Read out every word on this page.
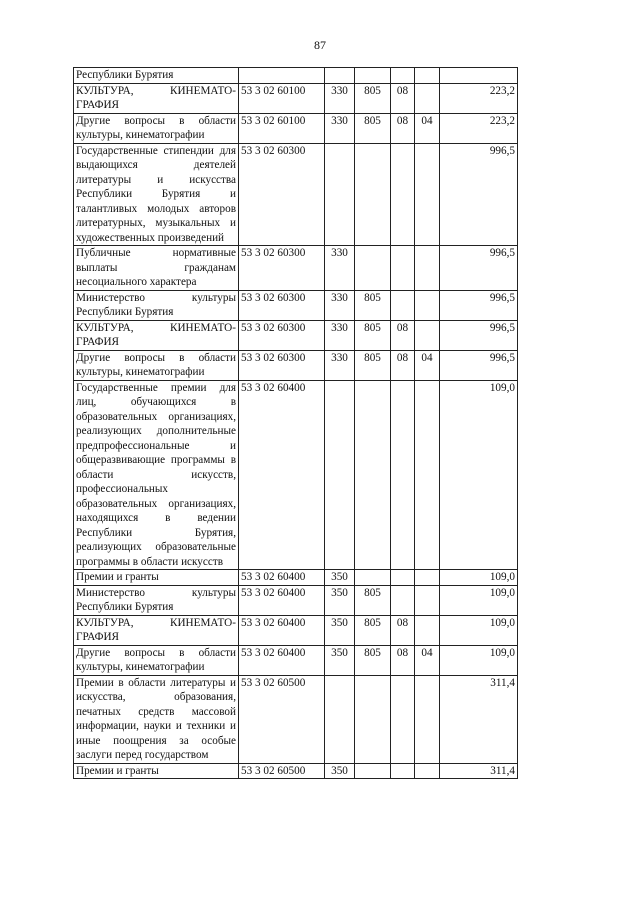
87
Республики Бурятия						
КУЛЬТУРА, КИНЕМАТО-ГРАФИЯ	53 3 02 60100	330	805	08		223,2
Другие вопросы в области культуры, кинематографии	53 3 02 60100	330	805	08	04	223,2
Государственные стипендии для выдающихся деятелей литературы и искусства Республики Бурятия и талантливых молодых авторов литературных, музыкальных и художественных произведений	53 3 02 60300					996,5
Публичные нормативные выплаты гражданам несоциального характера	53 3 02 60300	330				996,5
Министерство культуры Республики Бурятия	53 3 02 60300	330	805			996,5
КУЛЬТУРА, КИНЕМАТО-ГРАФИЯ	53 3 02 60300	330	805	08		996,5
Другие вопросы в области культуры, кинематографии	53 3 02 60300	330	805	08	04	996,5
Государственные премии для лиц, обучающихся в образовательных организациях, реализующих дополнительные предпрофессиональные и общеразвивающие программы в области искусств, профессиональных образовательных организациях, находящихся в ведении Республики Бурятия, реализующих образовательные программы в области искусств	53 3 02 60400					109,0
Премии и гранты	53 3 02 60400	350				109,0
Министерство культуры Республики Бурятия	53 3 02 60400	350	805			109,0
КУЛЬТУРА, КИНЕМАТО-ГРАФИЯ	53 3 02 60400	350	805	08		109,0
Другие вопросы в области культуры, кинематографии	53 3 02 60400	350	805	08	04	109,0
Премии в области литературы и искусства, образования, печатных средств массовой информации, науки и техники и иные поощрения за особые заслуги перед государством	53 3 02 60500					311,4
Премии и гранты	53 3 02 60500	350				311,4
